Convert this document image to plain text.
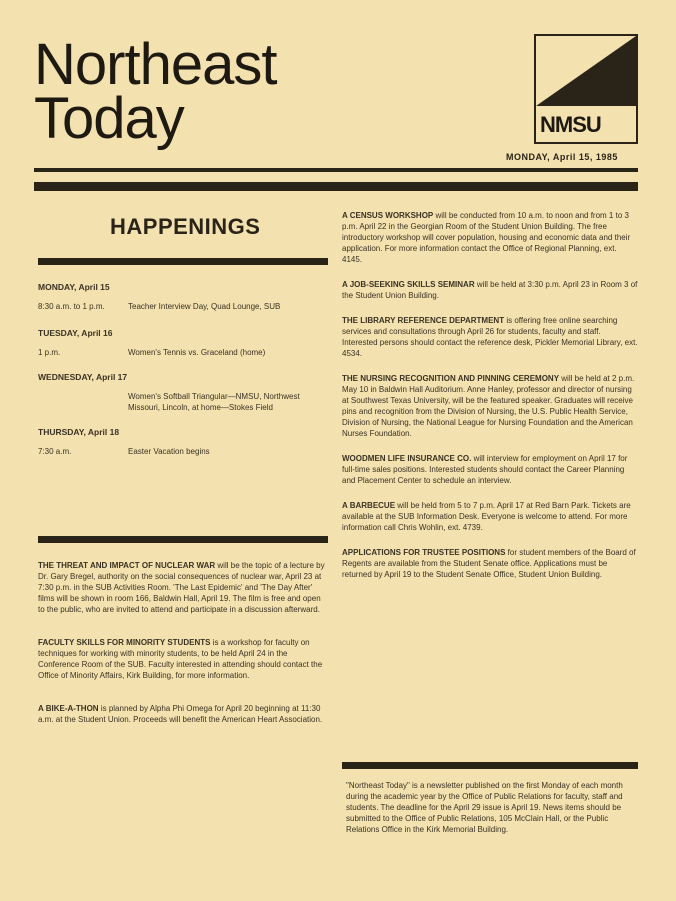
Northeast
Today	NMSU
MONDAY, April 15, 1985
HAPPENINGS
MONDAY, April 15
8:30 a.m. to 1 p.m.	Teacher Interview Day, Quad Lounge, SUB
TUESDAY, April 16
1 p.m.	Women's Tennis vs. Graceland (home)
WEDNESDAY, April 17
Women's Softball Triangular—NMSU, Northwest Missouri, Lincoln, at home—Stokes Field
THURSDAY, April 18
7:30 a.m.	Easter Vacation begins

THE THREAT AND IMPACT OF NUCLEAR WAR will be the topic of a lecture by Dr. Gary Bregel, authority on the social consequences of nuclear war, April 23 at 7:30 p.m. in the SUB Activities Room. 'The Last Epidemic' and 'The Day After' films will be shown in room 166, Baldwin Hall, April 19. The film is free and open to the public, who are invited to attend and participate in a discussion afterward.

FACULTY SKILLS FOR MINORITY STUDENTS is a workshop for faculty on techniques for working with minority students, to be held April 24 in the Conference Room of the SUB. Faculty interested in attending should contact the Office of Minority Affairs, Kirk Building, for more information.

A BIKE-A-THON is planned by Alpha Phi Omega for April 20 beginning at 11:30 a.m. at the Student Union. Proceeds will benefit the American Heart Association.

A CENSUS WORKSHOP will be conducted from 10 a.m. to noon and from 1 to 3 p.m. April 22 in the Georgian Room of the Student Union Building. The free introductory workshop will cover population, housing and economic data and their application. For more information contact the Office of Regional Planning, ext. 4145.

A JOB-SEEKING SKILLS SEMINAR will be held at 3:30 p.m. April 23 in Room 3 of the Student Union Building.

THE LIBRARY REFERENCE DEPARTMENT is offering free online searching services and consultations through April 26 for students, faculty and staff. Interested persons should contact the reference desk, Pickler Memorial Library, ext. 4534.

THE NURSING RECOGNITION AND PINNING CEREMONY will be held at 2 p.m. May 10 in Baldwin Hall Auditorium. Anne Hanley, professor and director of nursing at Southwest Texas University, will be the featured speaker. Graduates will receive pins and recognition from the Division of Nursing, the U.S. Public Health Service, Division of Nursing, the National League for Nursing Foundation and the American Nurses Foundation.

WOODMEN LIFE INSURANCE CO. will interview for employment on April 17 for full-time sales positions. Interested students should contact the Career Planning and Placement Center to schedule an interview.

A BARBECUE will be held from 5 to 7 p.m. April 17 at Red Barn Park. Tickets are available at the SUB Information Desk. Everyone is welcome to attend. For more information call Chris Wohlin, ext. 4739.

APPLICATIONS FOR TRUSTEE POSITIONS for student members of the Board of Regents are available from the Student Senate office. Applications must be returned by April 19 to the Student Senate Office, Student Union Building.

"Northeast Today" is a newsletter published on the first Monday of each month during the academic year by the Office of Public Relations for faculty, staff and students. The deadline for the April 29 issue is April 19. News items should be submitted to the Office of Public Relations, 105 McClain Hall, or the Public Relations Office in the Kirk Memorial Building.
